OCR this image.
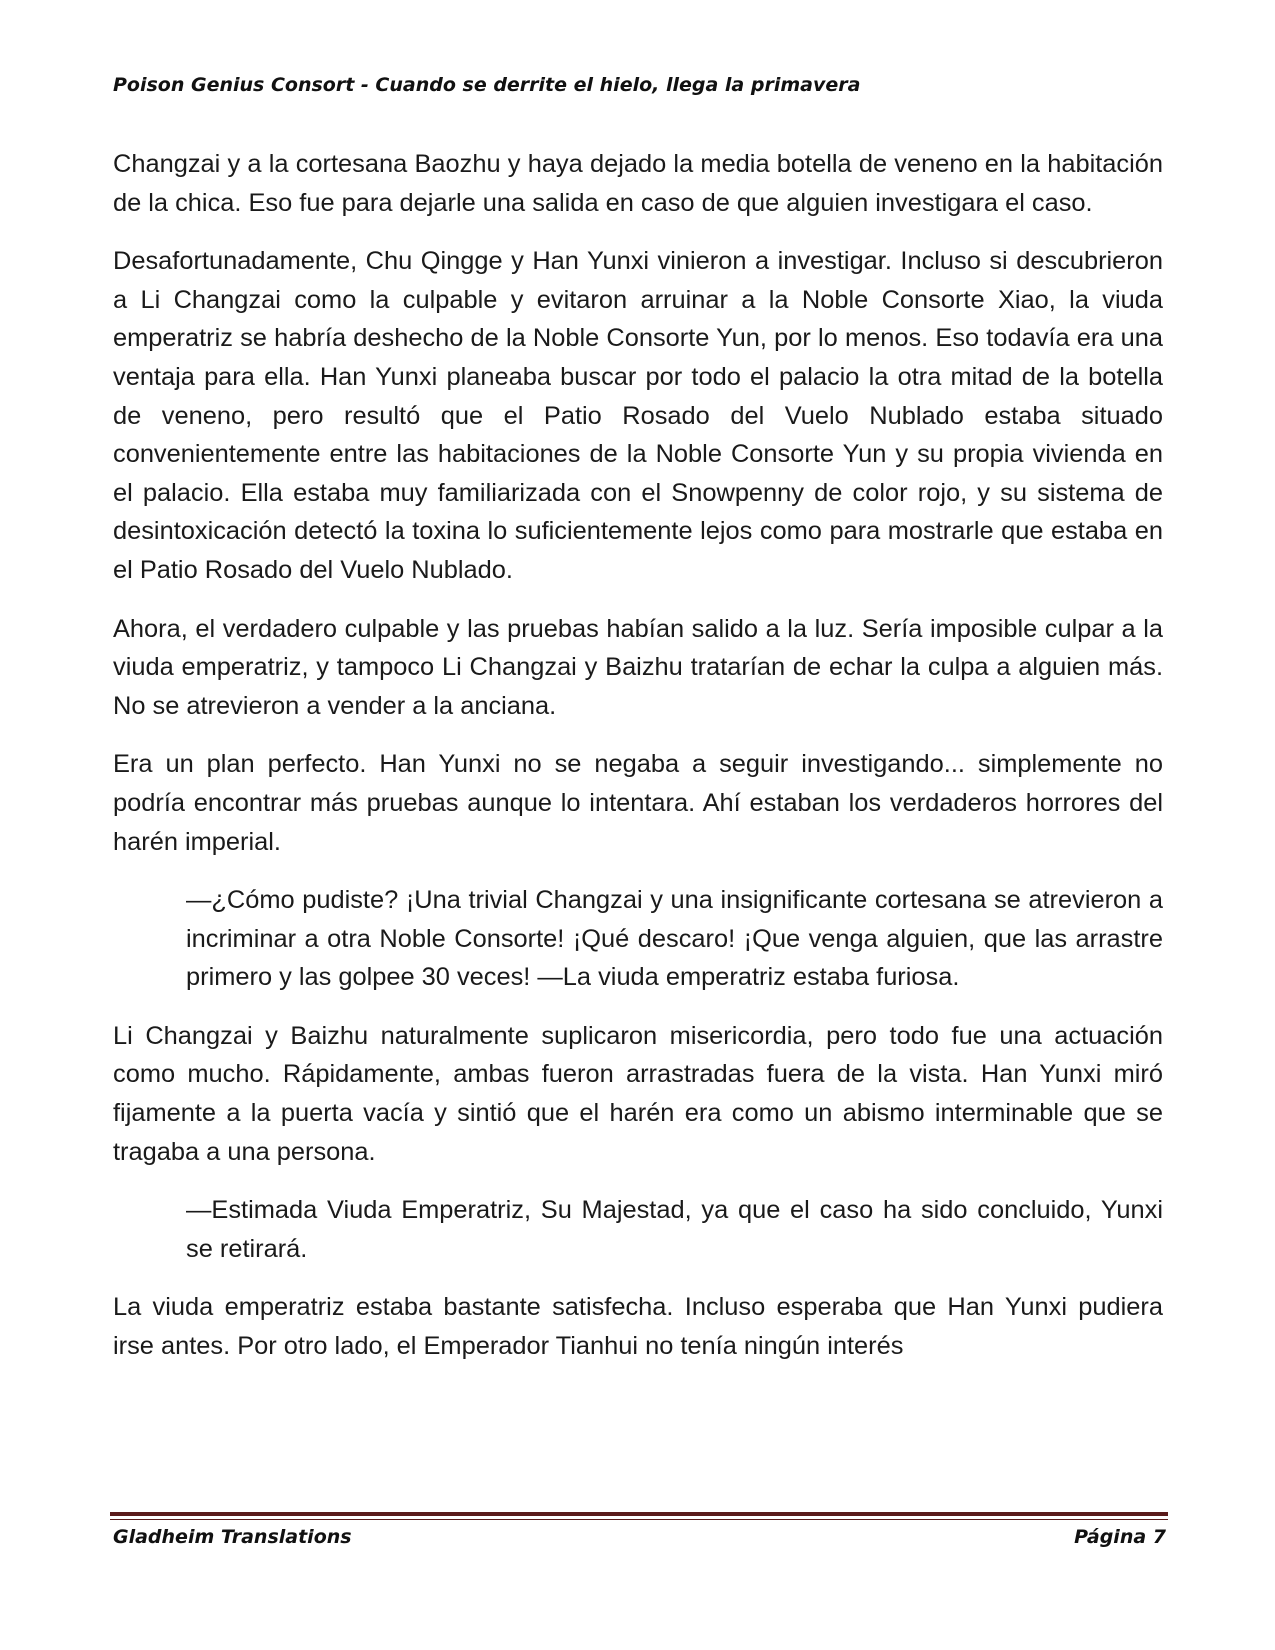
Poison Genius Consort - Cuando se derrite el hielo, llega la primavera

Changzai y a la cortesana Baozhu y haya dejado la media botella de veneno en la habitación de la chica. Eso fue para dejarle una salida en caso de que alguien investigara el caso.

Desafortunadamente, Chu Qingge y Han Yunxi vinieron a investigar. Incluso si descubrieron a Li Changzai como la culpable y evitaron arruinar a la Noble Consorte Xiao, la viuda emperatriz se habría deshecho de la Noble Consorte Yun, por lo menos. Eso todavía era una ventaja para ella. Han Yunxi planeaba buscar por todo el palacio la otra mitad de la botella de veneno, pero resultó que el Patio Rosado del Vuelo Nublado estaba situado convenientemente entre las habitaciones de la Noble Consorte Yun y su propia vivienda en el palacio. Ella estaba muy familiarizada con el Snowpenny de color rojo, y su sistema de desintoxicación detectó la toxina lo suficientemente lejos como para mostrarle que estaba en el Patio Rosado del Vuelo Nublado.

Ahora, el verdadero culpable y las pruebas habían salido a la luz. Sería imposible culpar a la viuda emperatriz, y tampoco Li Changzai y Baizhu tratarían de echar la culpa a alguien más. No se atrevieron a vender a la anciana.

Era un plan perfecto. Han Yunxi no se negaba a seguir investigando... simplemente no podría encontrar más pruebas aunque lo intentara. Ahí estaban los verdaderos horrores del harén imperial.

—¿Cómo pudiste? ¡Una trivial Changzai y una insignificante cortesana se atrevieron a incriminar a otra Noble Consorte! ¡Qué descaro! ¡Que venga alguien, que las arrastre primero y las golpee 30 veces! —La viuda emperatriz estaba furiosa.

Li Changzai y Baizhu naturalmente suplicaron misericordia, pero todo fue una actuación como mucho. Rápidamente, ambas fueron arrastradas fuera de la vista. Han Yunxi miró fijamente a la puerta vacía y sintió que el harén era como un abismo interminable que se tragaba a una persona.

—Estimada Viuda Emperatriz, Su Majestad, ya que el caso ha sido concluido, Yunxi se retirará.

La viuda emperatriz estaba bastante satisfecha. Incluso esperaba que Han Yunxi pudiera irse antes. Por otro lado, el Emperador Tianhui no tenía ningún interés

Gladheim Translations	Página 7
